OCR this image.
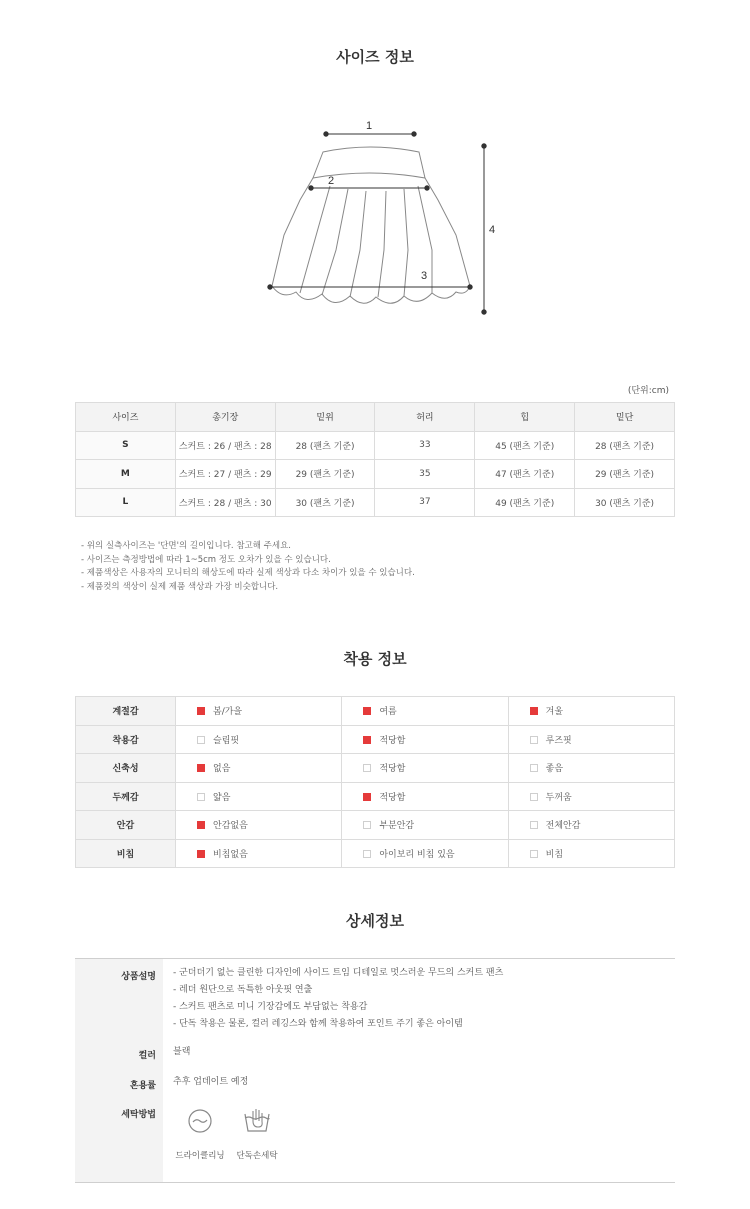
사이즈 정보
1
2
3
4
(단위:cm)
사이즈	총기장	밑위	허리	힙	밑단
S	스커트 : 26 / 팬츠 : 28	28 (팬츠 기준)	33	45 (팬츠 기준)	28 (팬츠 기준)
M	스커트 : 27 / 팬츠 : 29	29 (팬츠 기준)	35	47 (팬츠 기준)	29 (팬츠 기준)
L	스커트 : 28 / 팬츠 : 30	30 (팬츠 기준)	37	49 (팬츠 기준)	30 (팬츠 기준)
- 위의 실측사이즈는 '단면'의 길이입니다. 참고해 주세요.
- 사이즈는 측정방법에 따라 1~5cm 정도 오차가 있을 수 있습니다.
- 제품색상은 사용자의 모니터의 해상도에 따라 실제 색상과 다소 차이가 있을 수 있습니다.
- 제품컷의 색상이 실제 제품 색상과 가장 비슷합니다.
착용 정보
계절감	봄/가을	여름	겨울
착용감	슬림핏	적당함	루즈핏
신축성	없음	적당함	좋음
두께감	얇음	적당함	두꺼움
안감	안감없음	부분안감	전체안감
비침	비침없음	아이보리 비침 있음	비침
상세정보
상품설명 - 군더더기 없는 클린한 디자인에 사이드 트임 디테일로 멋스러운 무드의 스커트 팬츠
- 레더 원단으로 독특한 아웃핏 연출
- 스커트 팬츠로 미니 기장감에도 부담없는 착용감
- 단독 착용은 물론, 컬러 레깅스와 함께 착용하여 포인트 주기 좋은 아이템
컬러 블랙
혼용률 추후 업데이트 예정
세탁방법
드라이클리닝	단독손세탁
